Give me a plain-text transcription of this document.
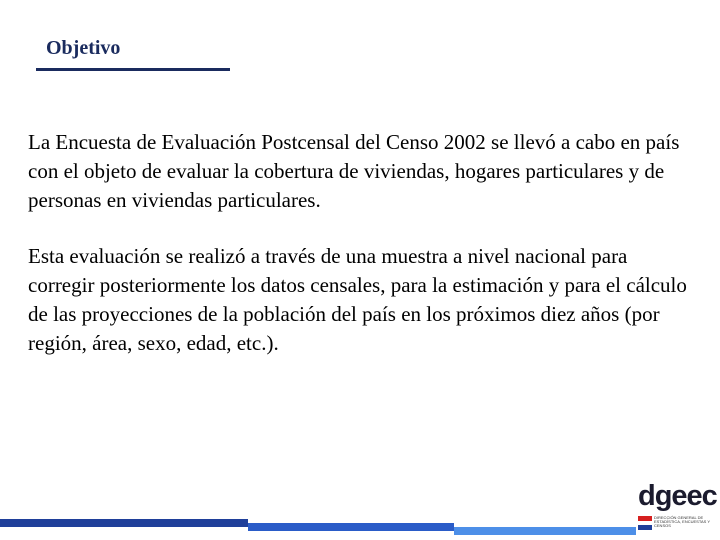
Objetivo

La Encuesta de Evaluación Postcensal del Censo 2002 se llevó a cabo en país con el objeto de evaluar la cobertura de viviendas, hogares particulares y de personas en viviendas particulares.

Esta evaluación se realizó a través de una muestra a nivel nacional para corregir posteriormente los datos censales, para la estimación y para el cálculo de las proyecciones de la población del país en los próximos diez años (por región, área, sexo, edad, etc.).

dgeec
DIRECCIÓN GENERAL DE ESTADÍSTICA, ENCUESTAS Y CENSOS
